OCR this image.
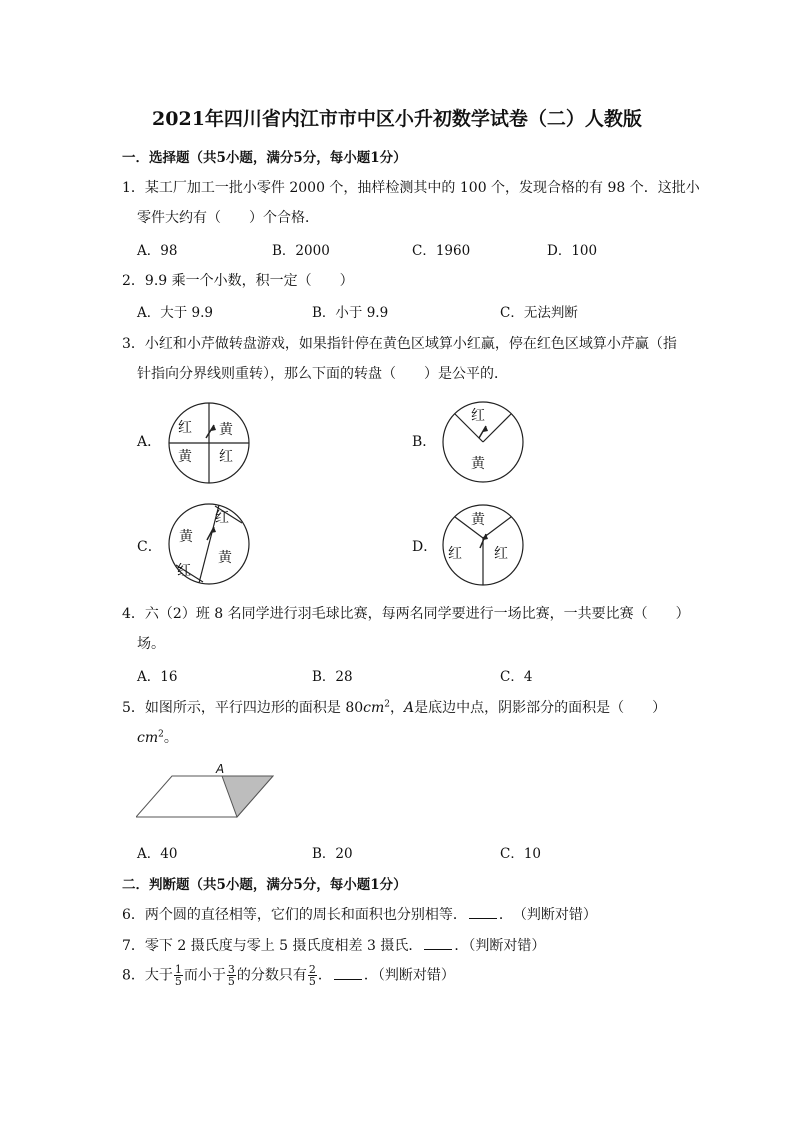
2021年四川省内江市市中区小升初数学试卷（二）人教版
一．选择题（共5小题，满分5分，每小题1分）
1．某工厂加工一批小零件 2000 个，抽样检测其中的 100 个，发现合格的有 98 个．这批小
零件大约有（　　）个合格．
A．98	B．2000	C．1960	D．100
2．9.9 乘一个小数，积一定（　　）
A．大于 9.9	B．小于 9.9	C．无法判断
3．小红和小芹做转盘游戏，如果指针停在黄色区域算小红赢，停在红色区域算小芹赢（指
针指向分界线则重转），那么下面的转盘（　　）是公平的．
A．	B．
C．	D．
红 黄
黄 红
红
黄
红
黄
黄
红
黄
红 红
4．六（2）班 8 名同学进行羽毛球比赛，每两名同学要进行一场比赛，一共要比赛（　　）
场。
A．16	B．28	C．4
5．如图所示，平行四边形的面积是 $80cm^2$，A是底边中点，阴影部分的面积是（　　）
$cm^2$。
A
A．40	B．20	C．10
二．判断题（共5小题，满分5分，每小题1分）
6．两个圆的直径相等，它们的周长和面积也分别相等． ．　（判断对错）
7．零下 2 摄氏度与零上 5 摄氏度相差 3 摄氏． ．（判断对错）
8．大于 $\frac{1}{5}$ 而小于 $\frac{3}{5}$ 的分数只有 $\frac{2}{5}$ ． ．（判断对错）
